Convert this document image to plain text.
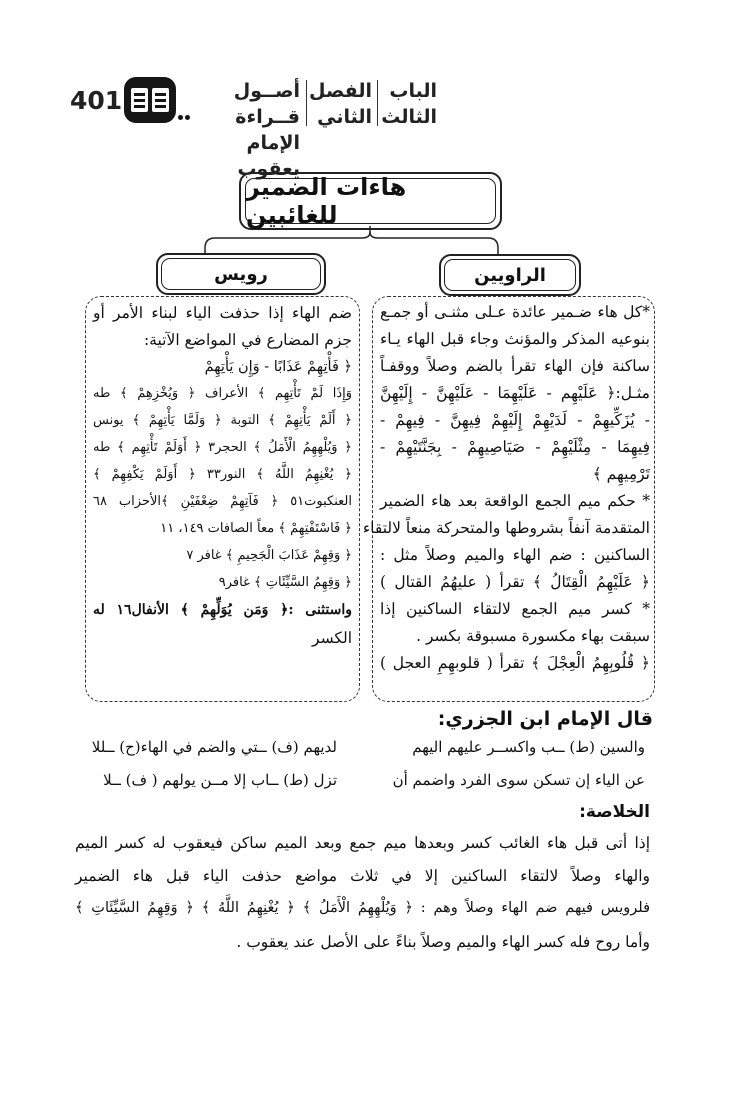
401	أصــول قــراءة
الإمام يعقوب
الفصل
الثاني
الباب
الثالث
هاءات الضمير للغائبين
رويس	الراويين
*كل هاء ضـمير عائدة عـلى مثنـى أو جمـع
بنوعيه المذكر والمؤنث وجاء قبل الهاء يـاء
ساكنة فإن الهاء تقرأ بالضم وصلاً ووقفـاً
مثـل:﴿ عَلَيْهِم - عَلَيْهِمَا - عَلَيْهِنَّ - إِلَيْهِنَّ
- يُزَكِّيهِمْ - لَدَيْهِمْ إِلَيْهِمْ فِيهِنَّ - فِيهِمْ -
فِيهِمَا - مِثْلَيْهِمْ - صَيَاصِيهِمْ - بِجَنَّتَيْهِمْ -
تَرْمِيهِم ﴾
* حكم ميم الجمع الواقعة بعد هاء الضمير
المتقدمة آنفاً بشروطها والمتحركة منعاً لالتقاء
الساكنين : ضم الهاء والميم وصلاً مثل :
﴿ عَلَيْهِمُ الْقِتَالُ ﴾ تقرأ ( عليهُمُ القتال )
* كسر ميم الجمع لالتقاء الساكنين إذا
سبقت بهاء مكسورة مسبوقة بكسر .
﴿ قُلُوبِهِمُ الْعِجْلَ ﴾ تقرأ ( قلوبهِمِ العجل )
ضم الهاء إذا حذفت الياء لبناء الأمر أو
جزم المضارع في المواضع الآتية:
﴿ فَأْتِهِمْ عَذَابًا - وَإِن يَأْتِهِمْ
وَإِذَا لَمْ تَأْتِهِم ﴾ الأعراف ﴿ وَيُخْزِهِمْ ﴾ طه
﴿ أَلَمْ يَأْتِهِمْ ﴾ التوبة ﴿ وَلَمَّا يَأْتِهِمْ ﴾ يونس
﴿ وَيُلْهِهِمُ الْأَمَلُ ﴾ الحجر٣ ﴿ أَوَلَمْ تَأْتِهِم ﴾ طه
﴿ يُغْنِهِمُ اللَّهُ ﴾ النور٣٣ ﴿ أَوَلَمْ يَكْفِهِمْ ﴾
العنكبوت٥١ ﴿ فَآتِهِمْ ضِعْفَيْنِ ﴾الأحزاب ٦٨
﴿ فَاسْتَفْتِهِمْ ﴾ معاً الصافات ١٤٩، ١١
﴿ وَقِهِمْ عَذَابَ الْجَحِيمِ ﴾ غافر ٧
﴿ وَقِهِمُ السَّيِّئَاتِ ﴾ غافر٩
واستثنى :﴿ وَمَن يُوَلِّهِمْ ﴾ الأنفال١٦ له
الكسر
قال الإمام ابن الجزري:
والسين (ط) ــب واكســر عليهم اليهم
لديهم (ف) ــتي والضم في الهاء(ح) ــللا
عن الياء إن تسكن سوى الفرد واضمم أن
تزل (ط) ــاب إلا مــن يولهم ( ف) ــلا
الخلاصة:
إذا أتى قبل هاء الغائب كسر وبعدها ميم جمع وبعد الميم ساكن فيعقوب له كسر الميم
والهاء وصلاً لالتقاء الساكنين إلا في ثلاث مواضع حذفت الياء قبل هاء الضمير
فلرويس فيهم ضم الهاء وصلاً وهم : ﴿ وَيُلْهِهِمُ الْأَمَلُ ﴾ ﴿ يُغْنِهِمُ اللَّهُ ﴾ ﴿ وَقِهِمُ السَّيِّئَاتِ ﴾
وأما روح فله كسر الهاء والميم وصلاً بناءً على الأصل عند يعقوب .
